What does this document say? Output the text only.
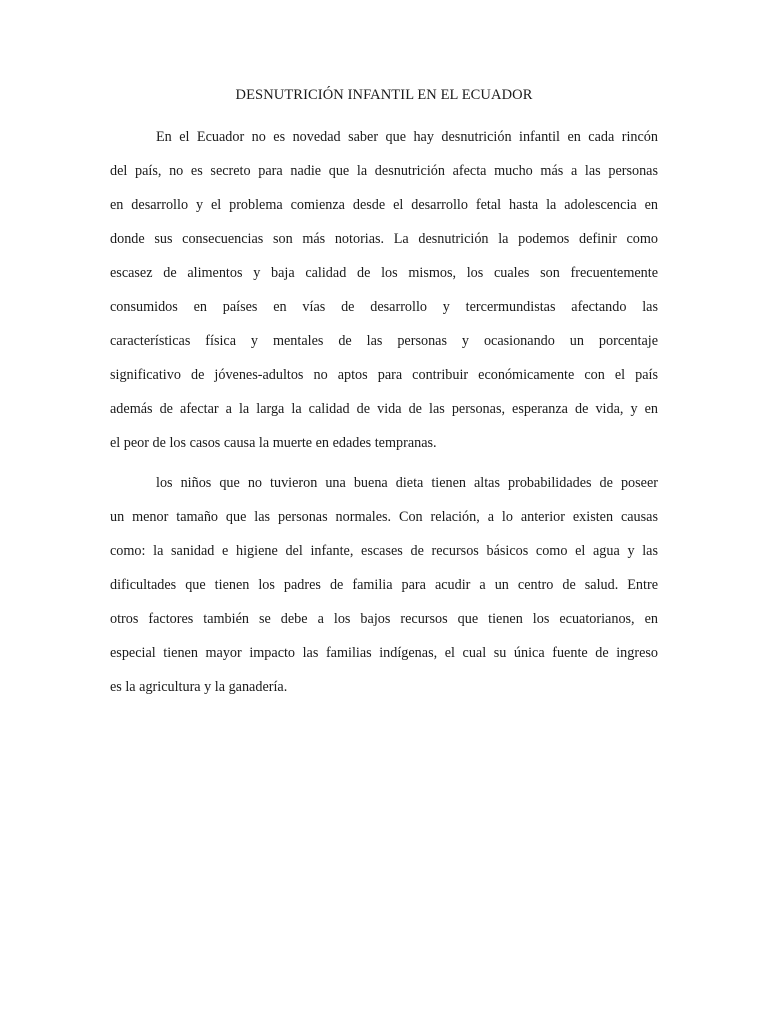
DESNUTRICIÓN INFANTIL EN EL ECUADOR
En el Ecuador no es novedad saber que hay desnutrición infantil en cada rincón
del país, no es secreto para nadie que la desnutrición afecta mucho más a las personas
en desarrollo y el problema comienza desde el desarrollo fetal hasta la adolescencia en
donde sus consecuencias son más notorias. La desnutrición la podemos definir como
escasez de alimentos y baja calidad de los mismos, los cuales son frecuentemente
consumidos en países en vías de desarrollo y tercermundistas afectando las
características física y mentales de las personas y ocasionando un porcentaje
significativo de jóvenes-adultos no aptos para contribuir económicamente con el país
además de afectar a la larga la calidad de vida de las personas, esperanza de vida, y en
el peor de los casos causa la muerte en edades tempranas.
los niños que no tuvieron una buena dieta tienen altas probabilidades de poseer
un menor tamaño que las personas normales. Con relación, a lo anterior existen causas
como: la sanidad e higiene del infante, escases de recursos básicos como el agua y las
dificultades que tienen los padres de familia para acudir a un centro de salud. Entre
otros factores también se debe a los bajos recursos que tienen los ecuatorianos, en
especial tienen mayor impacto las familias indígenas, el cual su única fuente de ingreso
es la agricultura y la ganadería.
